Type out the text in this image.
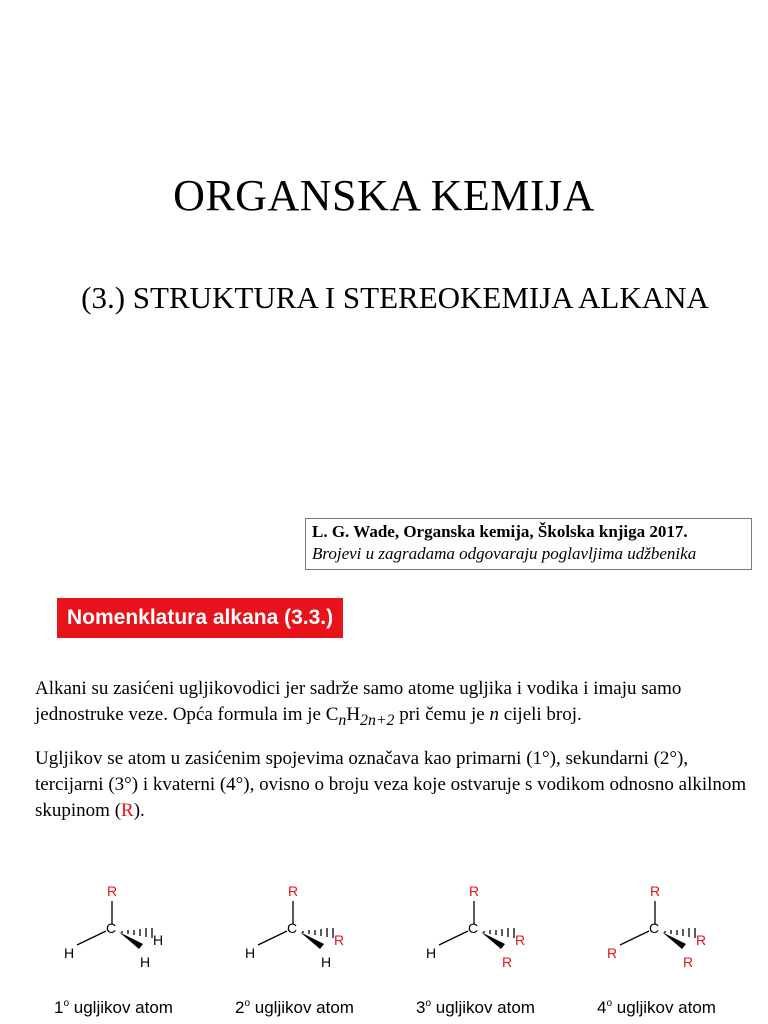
ORGANSKA KEMIJA
(3.) STRUKTURA I STEREOKEMIJA ALKANA
L. G. Wade, Organska kemija, Školska knjiga 2017.
Brojevi u zagradama odgovaraju poglavljima udžbenika
Nomenklatura alkana (3.3.)
Alkani su zasićeni ugljikovodici jer sadrže samo atome ugljika i vodika i imaju samo jednostruke veze. Opća formula im je $C_nH_{2n+2}$ pri čemu je n cijeli broj.
Ugljikov se atom u zasićenim spojevima označava kao primarni (1°), sekundarni (2°), tercijarni (3°) i kvaterni (4°), ovisno o broju veza koje ostvaruje s vodikom odnosno alkilnom skupinom (R).
C
R
H
H
H
1$^o$ ugljikov atom
C
R
H
R
H
2$^o$ ugljikov atom
C
R
H
R
R
3$^o$ ugljikov atom
C
R
R
R
R
4$^o$ ugljikov atom
